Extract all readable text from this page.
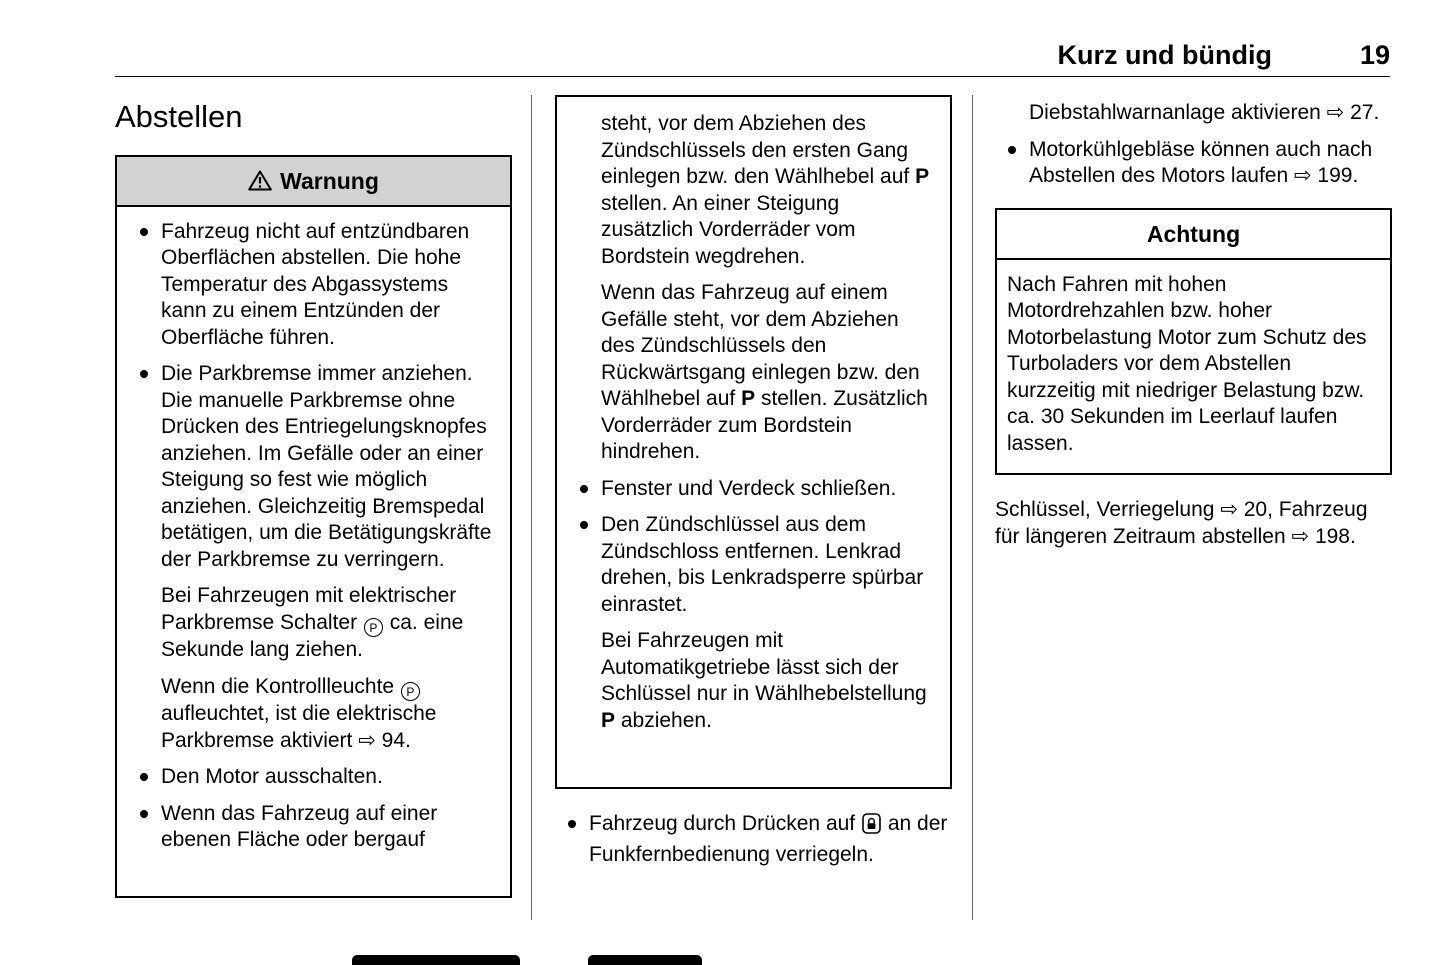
Kurz und bündig	19
Abstellen
Warnung
Fahrzeug nicht auf entzündbaren Oberflächen abstellen. Die hohe Temperatur des Abgassystems kann zu einem Entzünden der Oberfläche führen.
Die Parkbremse immer anziehen. Die manuelle Parkbremse ohne Drücken des Entriegelungsknopfes anziehen. Im Gefälle oder an einer Steigung so fest wie möglich anziehen. Gleichzeitig Bremspedal betätigen, um die Betätigungskräfte der Parkbremse zu verringern.
Bei Fahrzeugen mit elektrischer Parkbremse Schalter P ca. eine Sekunde lang ziehen.
Wenn die Kontrollleuchte P aufleuchtet, ist die elektrische Parkbremse aktiviert ⇨ 94.
Den Motor ausschalten.
Wenn das Fahrzeug auf einer ebenen Fläche oder bergauf
steht, vor dem Abziehen des Zündschlüssels den ersten Gang einlegen bzw. den Wählhebel auf P stellen. An einer Steigung zusätzlich Vorderräder vom Bordstein wegdrehen.
Wenn das Fahrzeug auf einem Gefälle steht, vor dem Abziehen des Zündschlüssels den Rückwärtsgang einlegen bzw. den Wählhebel auf P stellen. Zusätzlich Vorderräder zum Bordstein hindrehen.
Fenster und Verdeck schließen.
Den Zündschlüssel aus dem Zündschloss entfernen. Lenkrad drehen, bis Lenkradsperre spürbar einrastet.
Bei Fahrzeugen mit Automatikgetriebe lässt sich der Schlüssel nur in Wählhebelstellung P abziehen.
Fahrzeug durch Drücken auf  an der Funkfernbedienung verriegeln.
Diebstahlwarnanlage aktivieren ⇨ 27.
Motorkühlgebläse können auch nach Abstellen des Motors laufen ⇨ 199.
Achtung
Nach Fahren mit hohen Motordrehzahlen bzw. hoher Motorbelastung Motor zum Schutz des Turboladers vor dem Abstellen kurzzeitig mit niedriger Belastung bzw. ca. 30 Sekunden im Leerlauf laufen lassen.
Schlüssel, Verriegelung ⇨ 20, Fahrzeug für längeren Zeitraum abstellen ⇨ 198.
